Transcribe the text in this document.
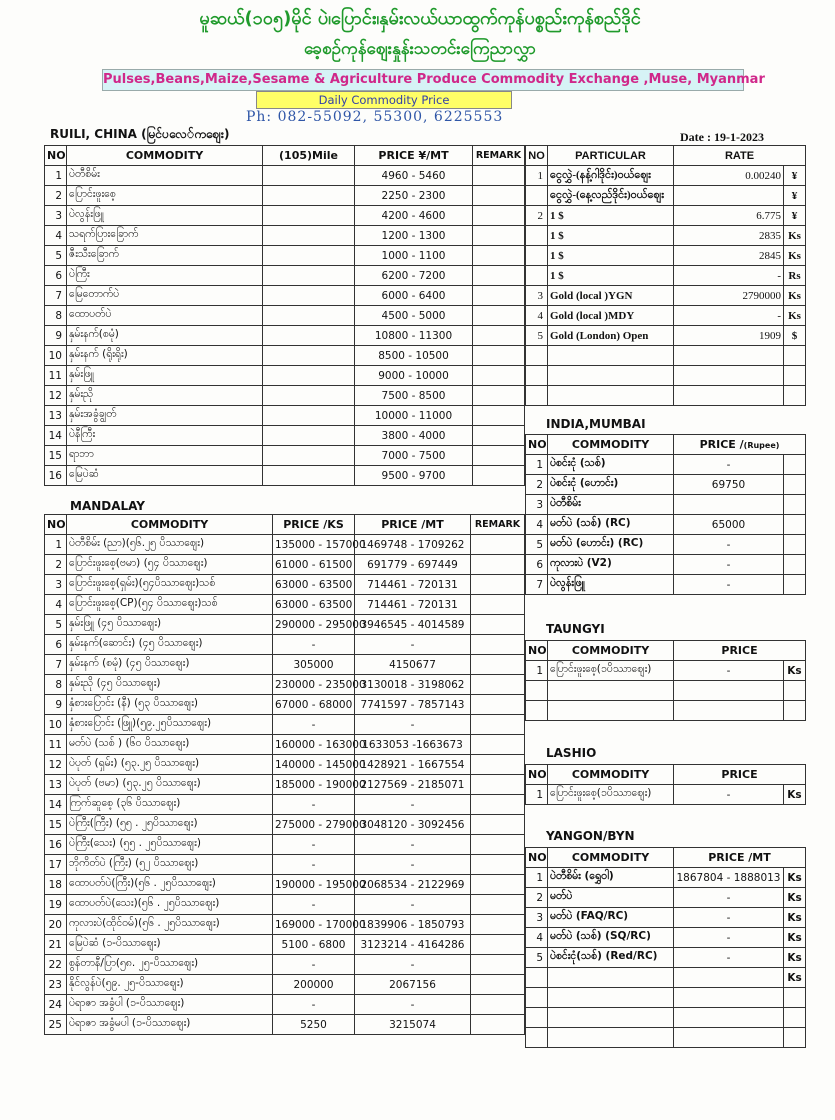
မူဆယ်(၁၀၅)မိုင် ပဲ၊ပြောင်း၊နှမ်းလယ်ယာထွက်ကုန်ပစ္စည်းကုန်စည်ဒိုင်
ခေ့စဉ်ကုန်ဈေးနှုန်းသတင်းကြေညာလွှာ
Pulses,Beans,Maize,Sesame & Agriculture Produce Commodity Exchange ,Muse, Myanmar
Daily Commodity Price
Ph: 082-55092, 55300, 6225553
RUILI, CHINA (မြင်ပလေ်ကဈေး)	Date : 19-1-2023
NO	COMMODITY	(105)Mile	PRICE ¥/MT	REMARK
1	ပဲတီစိမ်း		4960 - 5460	
2	ပြောင်းဖူးစေ့		2250 - 2300	
3	ပဲလွန်းဖြူ		4200 - 4600	
4	သရက်ပြားခြောက်		1200 - 1300	
5	ဇီးသီးခြောက်		1000 - 1100	
6	ပဲကြီး		6200 - 7200	
7	မြေတောက်ပဲ		6000 - 6400	
8	ထောပတ်ပဲ		4500 - 5000	
9	နှမ်းနက်(စမုံ)		10800 - 11300	
10	နှမ်းနက် (ရိုးရိုး)		8500 - 10500	
11	နှမ်းဖြူ		9000 - 10000	
12	နှမ်းညို		7500 - 8500	
13	နှမ်းအခွံချွတ်		10000 - 11000	
14	ပဲနီကြီး		3800 - 4000	
15	ရာဘာ		7000 - 7500	
16	မြေပဲဆံ		9500 - 9700	
MANDALAY
NO	COMMODITY	PRICE /KS	PRICE /MT	REMARK
1	ပဲတီစိမ်း (ညာ)(၅၆.၂၅ ပိဿာဈေး)	135000 - 157000	1469748 - 1709262	
2	ပြောင်းဖူးစေ့(ဗမာ) (၅၄ ပိဿာဈေး)	61000 - 61500	691779 - 697449	
3	ပြောင်းဖူးစေ့(ရှမ်း)(၅၄ပိဿာဈေး)သစ်	63000 - 63500	714461 - 720131	
4	ပြောင်းဖူးစေ့(CP)(၅၄ ပိဿာဈေး)သစ်	63000 - 63500	714461 - 720131	
5	နှမ်းဖြူ (၄၅ ပိဿာဈေး)	290000 - 295000	3946545 - 4014589	
6	နှမ်းနက်(ဆောင်း) (၄၅ ပိဿာဈေး)	-	-	
7	နှမ်းနက် (စမုံ) (၄၅ ပိဿာဈေး)	305000	4150677	
8	နှမ်းညို (၄၅ ပိဿာဈေး)	230000 - 235000	3130018 - 3198062	
9	နှံစားပြောင်း (နီ) (၅၃ ပိဿာဈေး)	67000 - 68000	7741597 - 7857143	
10	နှံစားပြောင်း (ဖြူ)(၅၉.၂၅ပိဿာဈေး)	-	-	
11	မတ်ပဲ (သစ် ) (၆၀ ပိဿာဈေး)	160000 - 163000	1633053 -1663673	
12	ပဲပုတ် (ရှမ်း) (၅၃.၂၅ ပိဿာဈေး)	140000 - 145000	1428921 - 1667554	
13	ပဲပုတ် (ဗမာ) (၅၃.၂၅ ပိဿာဈေး)	185000 - 190000	2127569 - 2185071	
14	ကြက်ဆူစေ့ (၃၆ ပိဿာဈေး)	-	-	
15	ပဲကြီး(ကြီး) (၅၅ . ၂၅ပိဿာဈေး)	275000 - 279000	3048120 - 3092456	
16	ပဲကြီး(သေး) (၅၅ . ၂၅ပိဿာဈေး)	-	-	
17	ဘိုကိတ်ပဲ (ကြီး) (၅၂ ပိဿာဈေး)	-	-	
18	ထောပတ်ပဲ(ကြီး)(၅၆ . ၂၅ပိဿာဈေး)	190000 - 195000	2068534 - 2122969	
19	ထောပတ်ပဲ(သေး)(၅၆ . ၂၅ပိဿာဈေး)	-	-	
20	ကုလားပဲ(ထိုင်ဝမ်)(၅၆ . ၂၅ပိဿာဈေး)	169000 - 170000	1839906 - 1850793	
21	မြေပဲဆံ (၁-ပိဿာဈေး)	5100 - 6800	3123214 - 4164286	
22	စွန်တာနီ/ပြာ(၅၈. ၂၅-ပိဿာဈေး)	-	-	
23	နိုင်လွန်ပဲ(၅၉. ၂၅-ပိဿာဈေး)	200000	2067156	
24	ပဲရာဇာ အခွံပါ (၁-ပိဿာဈေး)	-	-	
25	ပဲရာဇာ အခွံမပါ (၁-ပိဿာဈေး)	5250	3215074	
NO	PARTICULAR	RATE	
1	ငွေလွှဲ-(နန့်ဂါဒိုင်း)ဝယ်ဈေး	0.00240	¥
	ငွေလွှဲ-(နေ့လည်ဒိုင်း)ဝယ်ဈေး		¥
2	1 $	6.775	¥
	1 $	2835	Ks
	1 $	2845	Ks
	1 $	-	Rs
3	Gold (local )YGN	2790000	Ks
4	Gold (local )MDY	-	Ks
5	Gold (London) Open	1909	$

INDIA,MUMBAI
NO	COMMODITY	PRICE /(Rupee)	
1	ပဲစင်းငုံ (သစ်)	-	
2	ပဲစင်းငုံ (ဟောင်း)	69750	
3	ပဲတီစိမ်း		
4	မတ်ပဲ (သစ်) (RC)	65000	
5	မတ်ပဲ (ဟောင်း) (RC)	-	
6	ကုလားပဲ (V2)	-	
7	ပဲလွန်းဖြူ	-	
TAUNGYI
NO	COMMODITY	PRICE	
1	ပြောင်းဖူးစေ့(၁ပိဿာဈေး)	-	Ks

LASHIO
NO	COMMODITY	PRICE	
1	ပြောင်းဖူးစေ့(၁ပိဿာဈေး)	-	Ks
YANGON/BYN
NO	COMMODITY	PRICE /MT	
1	ပဲတီစိမ်း (ရွှေဝါ)	1867804 - 1888013	Ks
2	မတ်ပဲ	-	Ks
3	မတ်ပဲ (FAQ/RC)	-	Ks
4	မတ်ပဲ (သစ်) (SQ/RC)	-	Ks
5	ပဲစင်းငုံ(သစ်) (Red/RC)	-	Ks
			Ks
